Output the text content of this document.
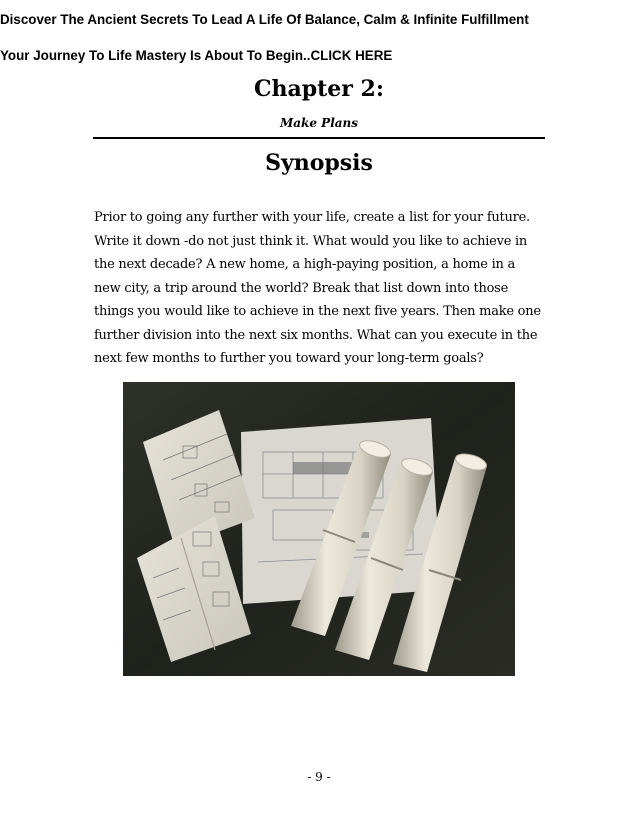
Discover The Ancient Secrets To Lead A Life Of Balance, Calm & Infinite Fulfillment
Your Journey To Life Mastery Is About To Begin..CLICK HERE
Chapter 2:
Make Plans
Synopsis
Prior to going any further with your life, create a list for your future.
Write it down -do not just think it. What would you like to achieve in
the next decade? A new home, a high-paying position, a home in a
new city, a trip around the world? Break that list down into those
things you would like to achieve in the next five years. Then make one
further division into the next six months. What can you execute in the
next few months to further you toward your long-term goals?
- 9 -
